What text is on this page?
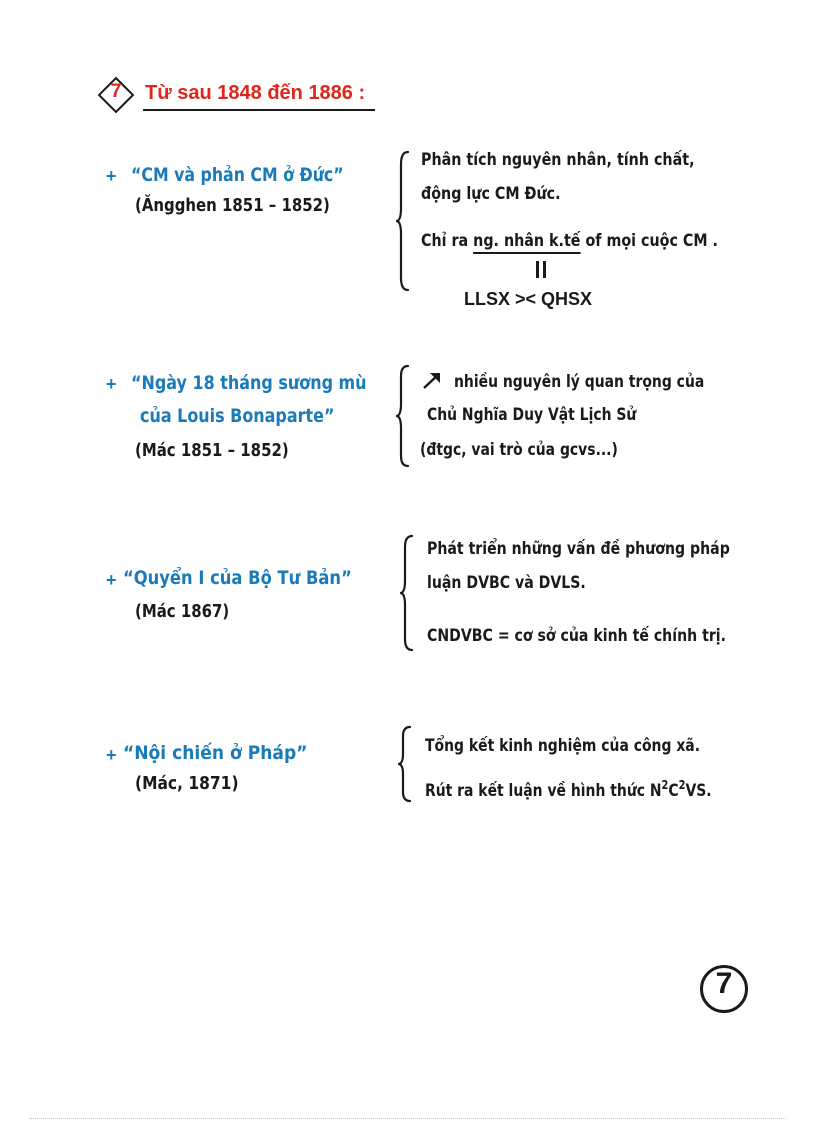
7	Từ sau 1848 đến 1886 :
+ “CM và phản CM ở Đức”
(Ăngghen 1851 – 1852)
Phân tích nguyên nhân, tính chất,
động lực CM Đức.
Chỉ ra ng. nhân k.tế of mọi cuộc CM .
LLSX >< QHSX
+ “Ngày 18 tháng sương mù
của Louis Bonaparte”
(Mác 1851 – 1852)
nhiều nguyên lý quan trọng của
Chủ Nghĩa Duy Vật Lịch Sử
(đtgc, vai trò của gcvs...)
+ “Quyển I của Bộ Tư Bản”
(Mác 1867)
Phát triển những vấn đề phương pháp
luận DVBC và DVLS.
CNDVBC = cơ sở của kinh tế chính trị.
+ “Nội chiến ở Pháp”
(Mác, 1871)
Tổng kết kinh nghiệm của công xã.
Rút ra kết luận về hình thức $N^2C^2VS$.
7
